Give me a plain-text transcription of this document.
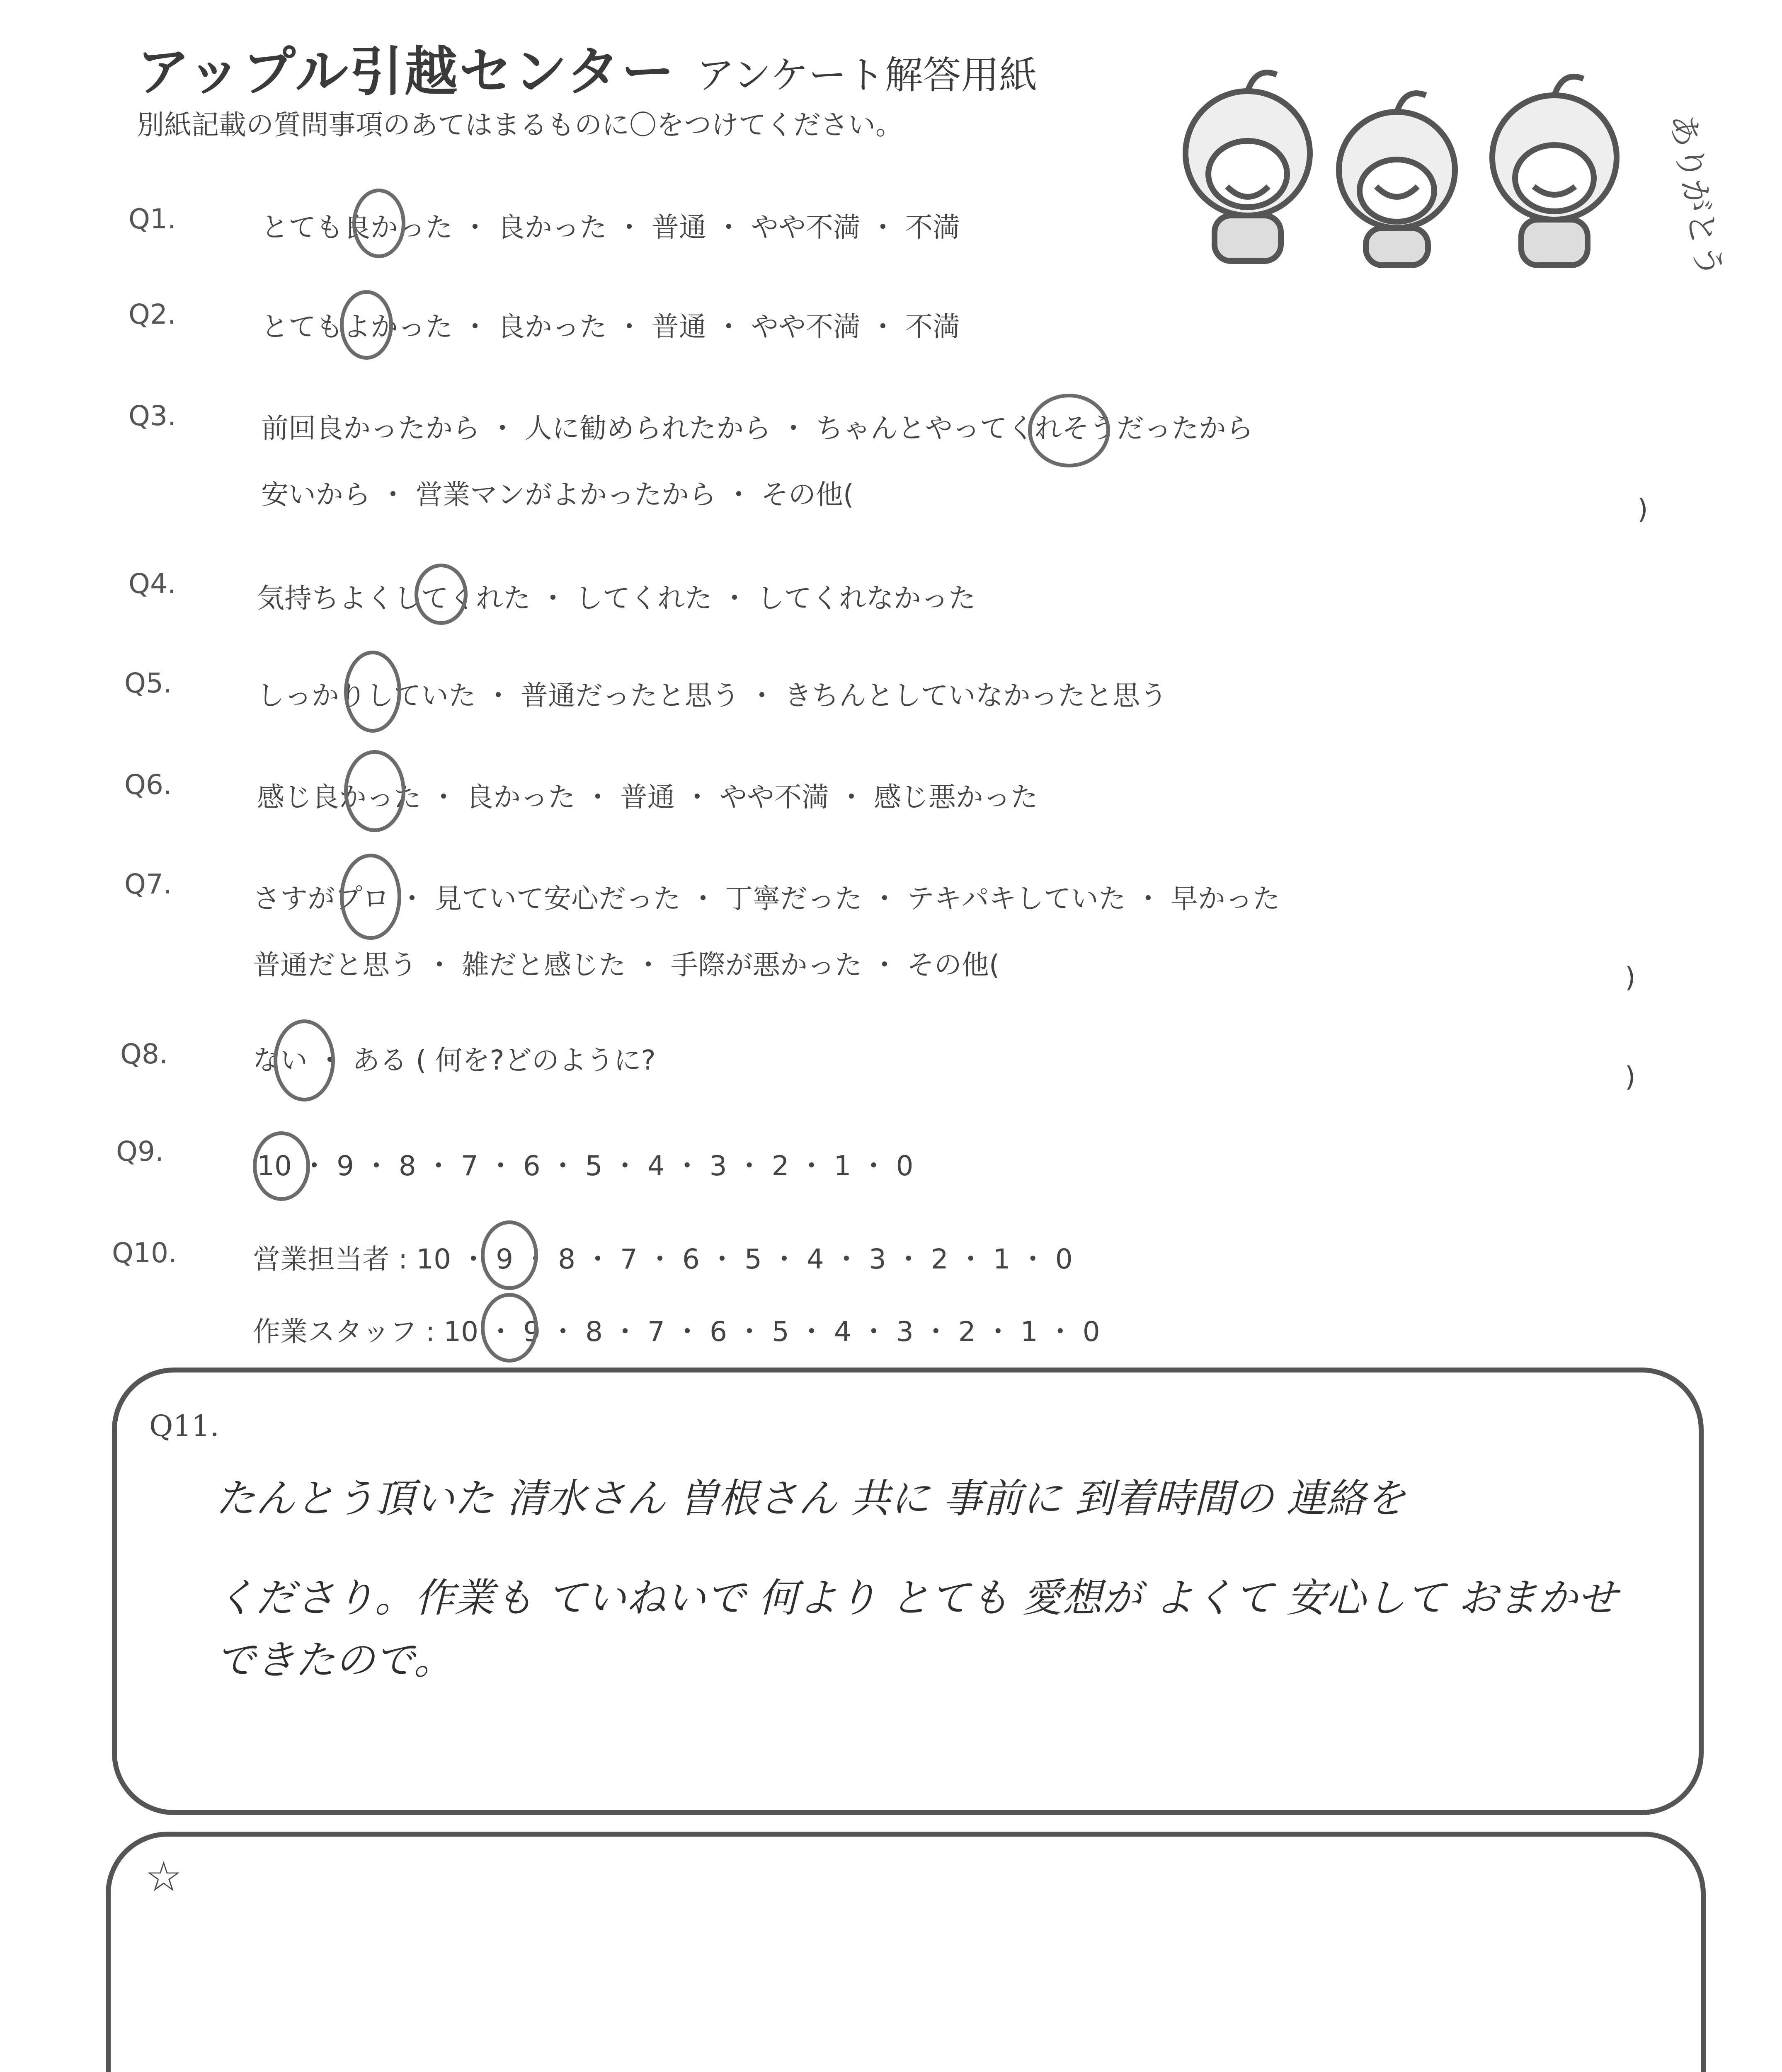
アップル引越センター アンケート解答用紙
別紙記載の質問事項のあてはまるものに〇をつけてください。	ありがとう
Q1.	とても良かった ・ 良かった ・ 普通 ・ やや不満 ・ 不満
Q2.	とてもよかった ・ 良かった ・ 普通 ・ やや不満 ・ 不満
Q3.	前回良かったから ・ 人に勧められたから ・ ちゃんとやってくれそうだったから
安いから ・ 営業マンがよかったから ・ その他(	)
Q4.	気持ちよくしてくれた ・ してくれた ・ してくれなかった
Q5.	しっかりしていた ・ 普通だったと思う ・ きちんとしていなかったと思う
Q6.	感じ良かった ・ 良かった ・ 普通 ・ やや不満 ・ 感じ悪かった
Q7.	さすがプロ ・ 見ていて安心だった ・ 丁寧だった ・ テキパキしていた ・ 早かった
普通だと思う ・ 雑だと感じた ・ 手際が悪かった ・ その他(	)
Q8.	ない ・ ある ( 何を?どのように?
)
Q9.	10 ・ 9 ・ 8 ・ 7 ・ 6 ・ 5 ・ 4 ・ 3 ・ 2 ・ 1 ・ 0
Q10.	営業担当者 : 10 ・ 9 ・ 8 ・ 7 ・ 6 ・ 5 ・ 4 ・ 3 ・ 2 ・ 1 ・ 0
作業スタッフ : 10 ・ 9 ・ 8 ・ 7 ・ 6 ・ 5 ・ 4 ・ 3 ・ 2 ・ 1 ・ 0
Q11.
たんとう頂いた 清水さん 曽根さん 共に 事前に 到着時間の 連絡を
くださり。作業も ていねいで 何より とても 愛想が よくて 安心して おまかせ
できたので。
☆
